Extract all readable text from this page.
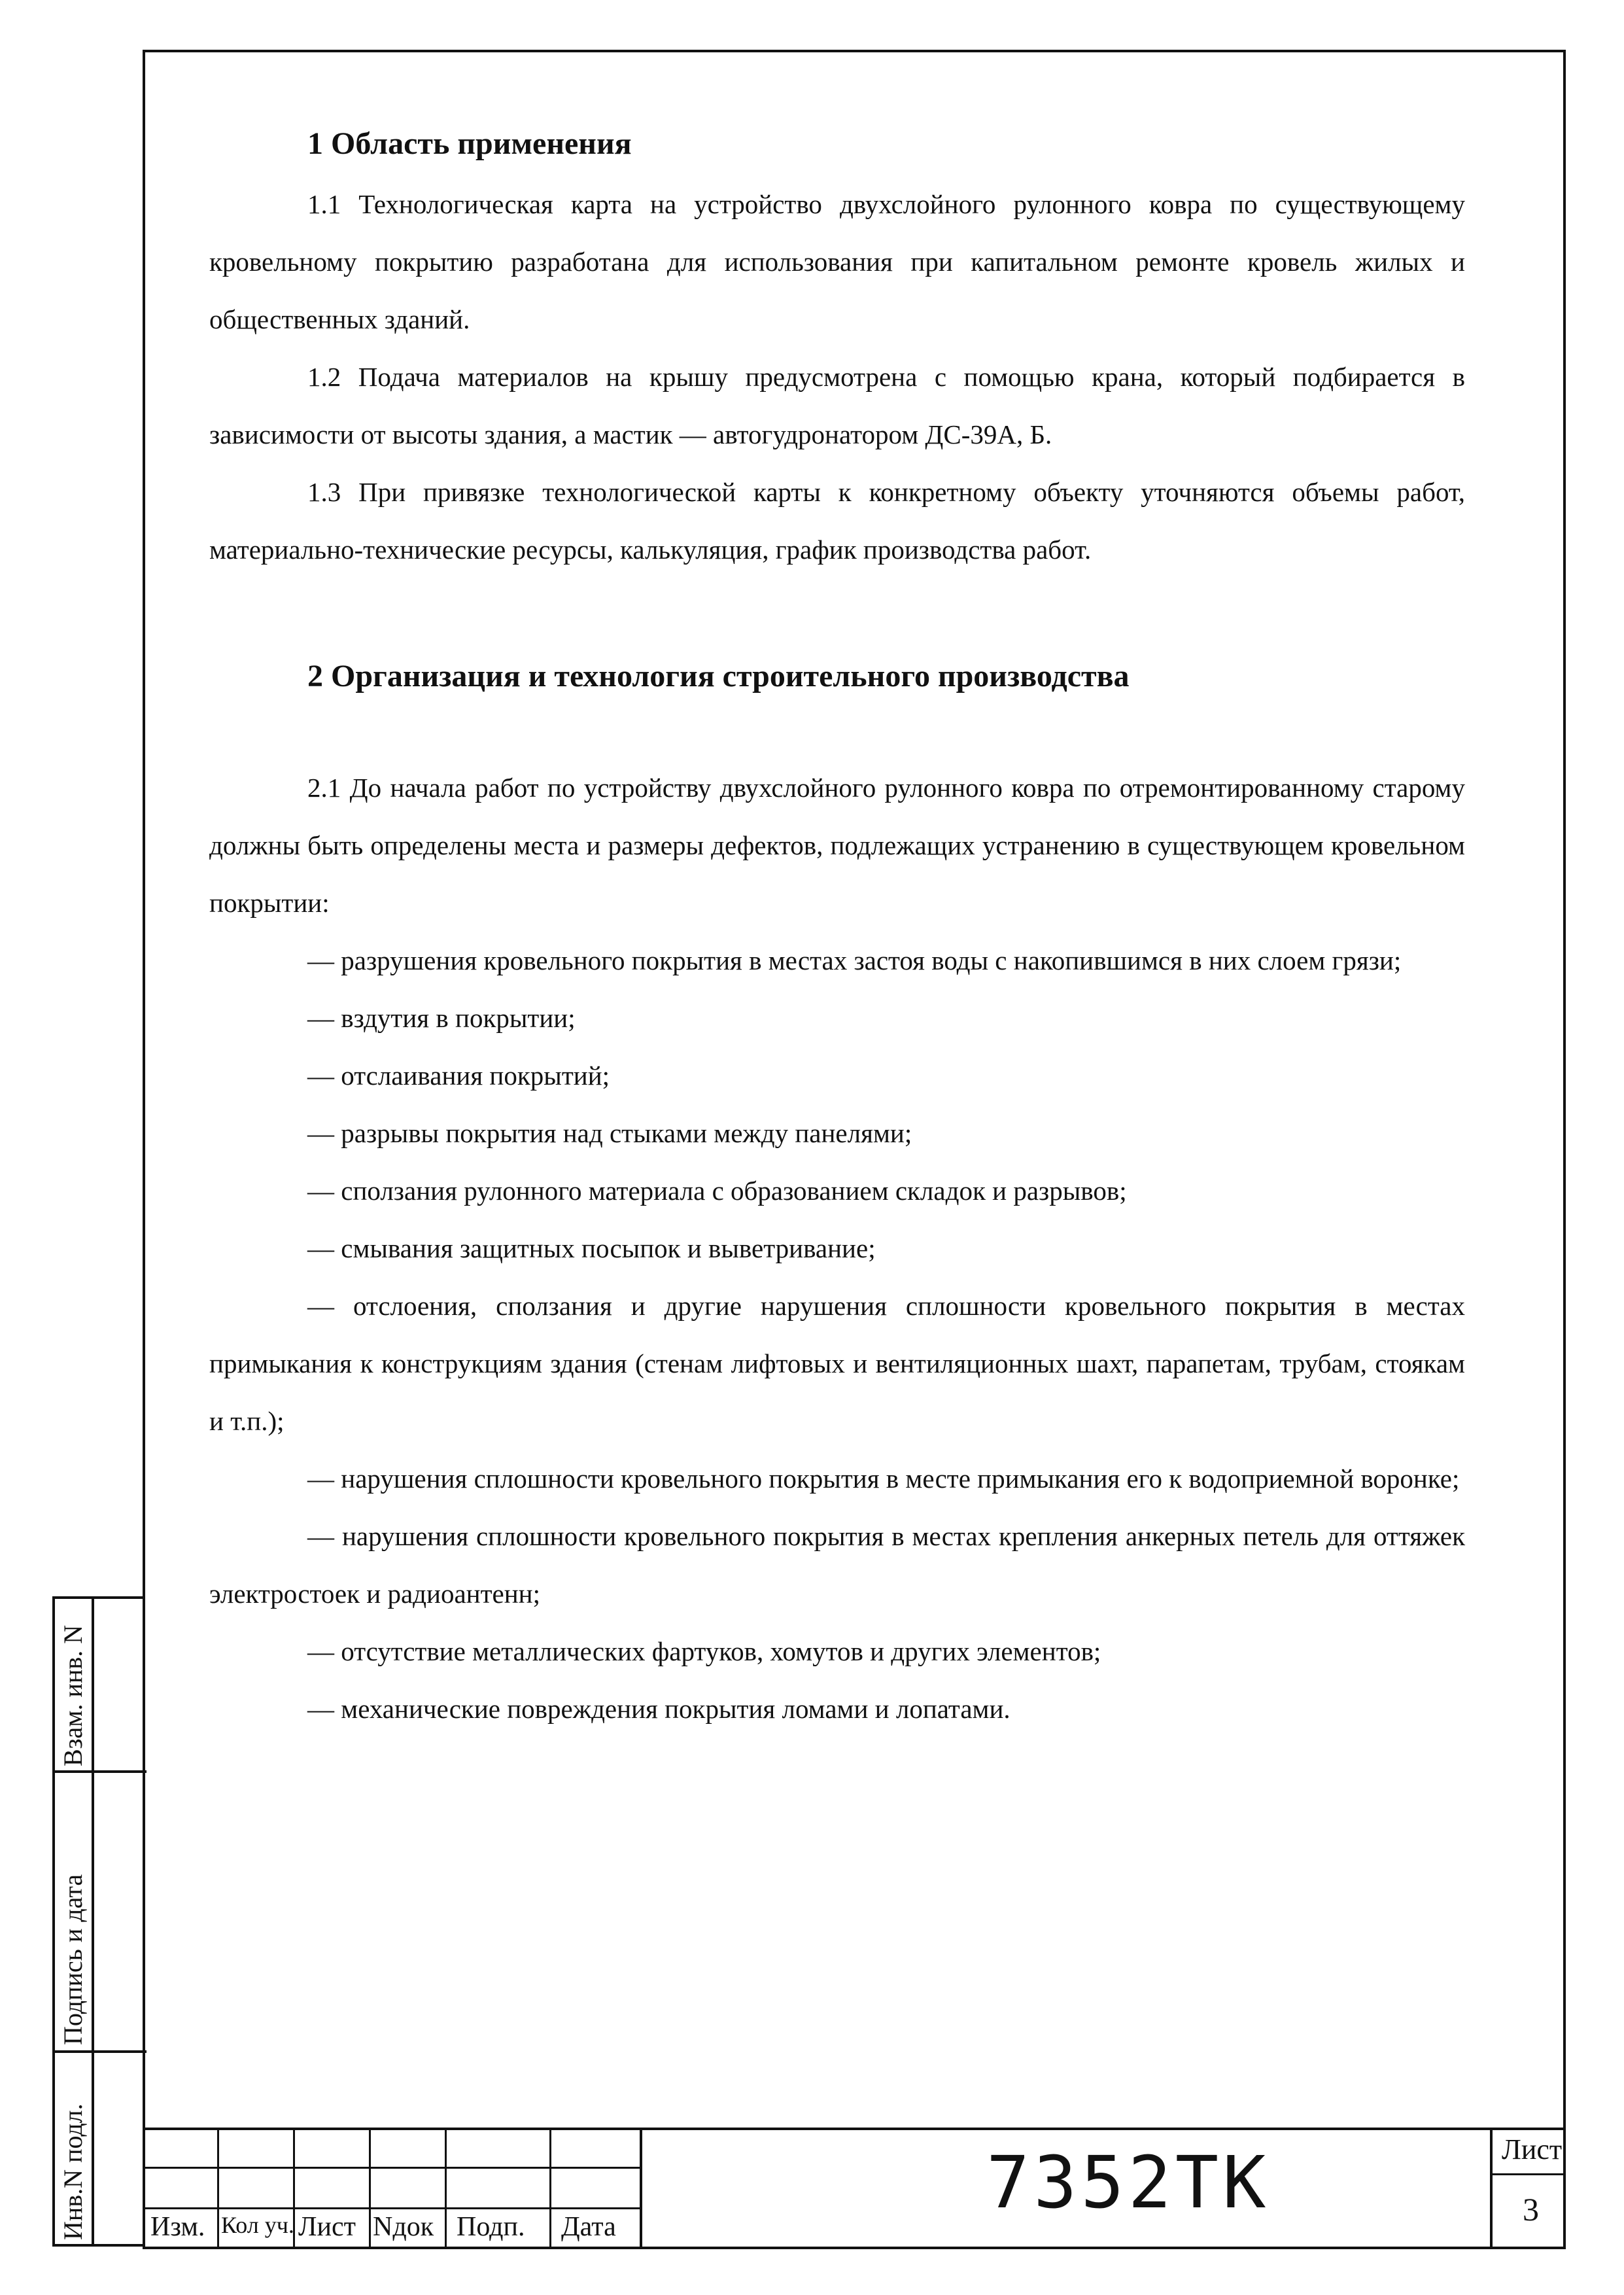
1 Область применения

1.1 Технологическая карта на устройство двухслойного рулонного ковра по существующему кровельному покрытию разработана для использования при капитальном ремонте кровель жилых и общественных зданий.

1.2 Подача материалов на крышу предусмотрена с помощью крана, который подбирается в зависимости от высоты здания, а мастик — автогудронатором ДС-39А, Б.

1.3 При привязке технологической карты к конкретному объекту уточняются объемы работ, материально-технические ресурсы, калькуляция, график производства работ.

2 Организация и технология строительного производства

2.1 До начала работ по устройству двухслойного рулонного ковра по отремонтированному старому должны быть определены места и размеры дефектов, подлежащих устранению в существующем кровельном покрытии:

— разрушения кровельного покрытия в местах застоя воды с накопившимся в них слоем грязи;

— вздутия в покрытии;

— отслаивания покрытий;

— разрывы покрытия над стыками между панелями;

— сползания рулонного материала с образованием складок и разрывов;

— смывания защитных посыпок и выветривание;

— отслоения, сползания и другие нарушения сплошности кровельного покрытия в местах примыкания к конструкциям здания (стенам лифтовых и вентиляционных шахт, парапетам, трубам, стоякам и т.п.);

— нарушения сплошности кровельного покрытия в месте примыкания его к водоприемной воронке;

— нарушения сплошности кровельного покрытия в местах крепления анкерных петель для оттяжек электростоек и радиоантенн;

— отсутствие металлических фартуков, хомутов и других элементов;

— механические повреждения покрытия ломами и лопатами.

Взам. инв. N
Подпись и дата
Инв.N подл. Изм. Кол уч. Лист Nдок Подп. Дата
7352ТК	Лист
3
